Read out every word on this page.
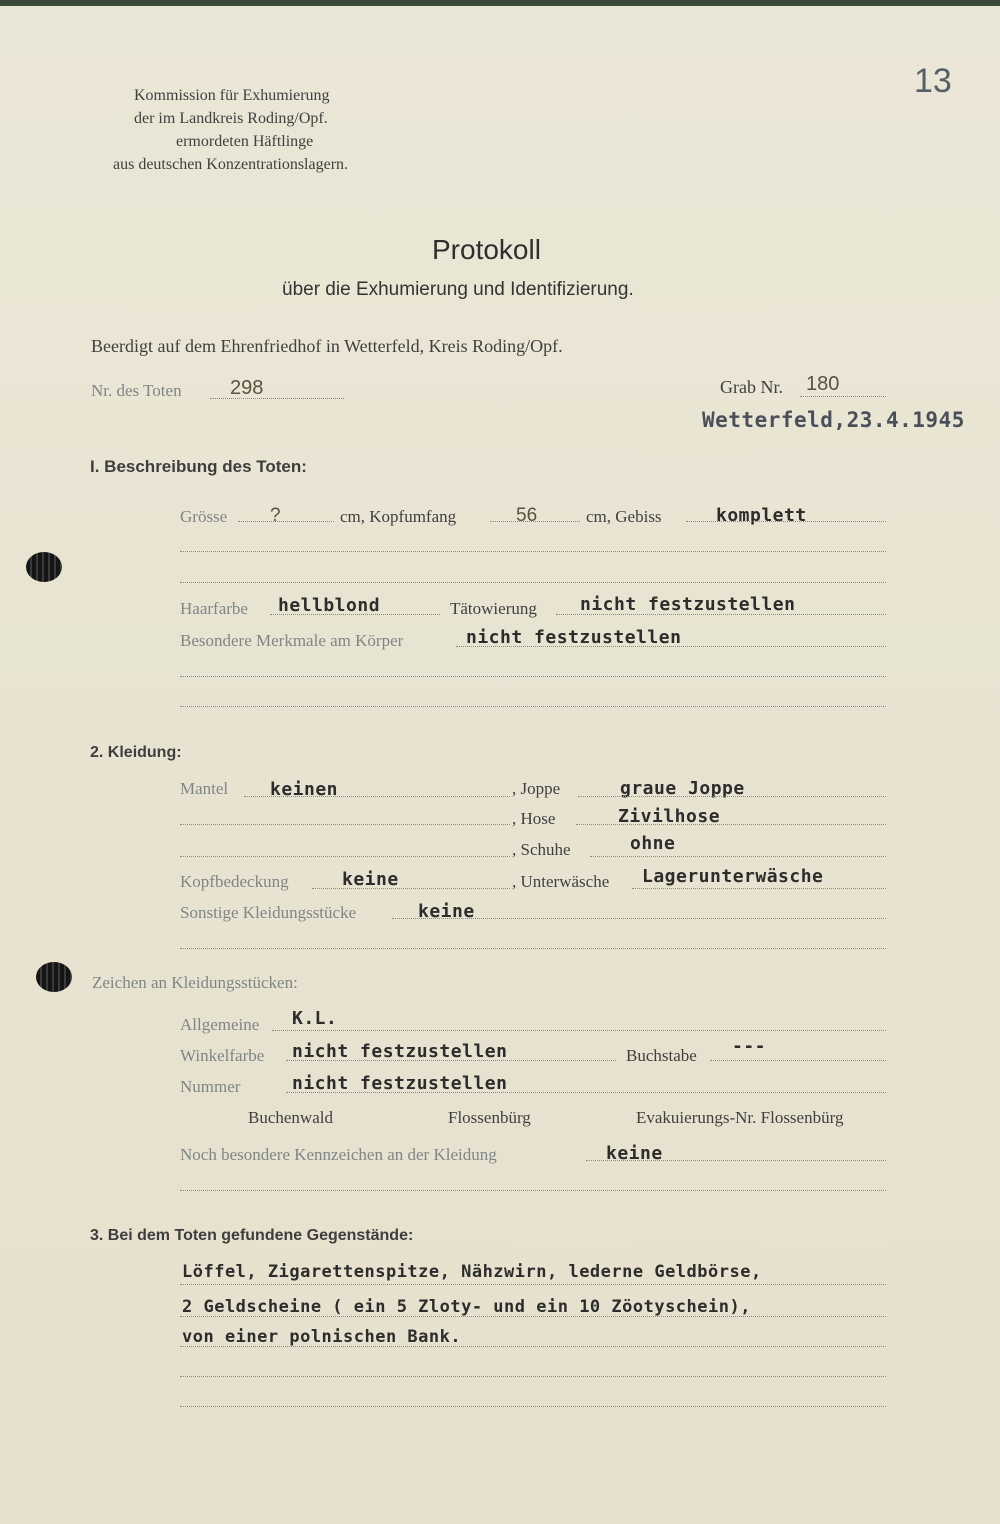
13
Kommission für Exhumierung
der im Landkreis Roding/Opf.
ermordeten Häftlinge
aus deutschen Konzentrationslagern.
Protokoll
über die Exhumierung und Identifizierung.
Beerdigt auf dem Ehrenfriedhof in Wetterfeld, Kreis Roding/Opf.
Nr. des Toten 298	Grab Nr. 180
Wetterfeld,23.4.1945
I. Beschreibung des Toten:
Grösse ?	cm, Kopfumfang	56	cm, Gebiss	komplett
Haarfarbe hellblond	Tätowierung nicht festzustellen
Besondere Merkmale am Körper	nicht festzustellen
2. Kleidung:
Mantel keinen	, Joppe	graue Joppe
, Hose	Zivilhose
, Schuhe	ohne
Kopfbedeckung	keine	, Unterwäsche Lagerunterwäsche
Sonstige Kleidungsstücke	keine
Zeichen an Kleidungsstücken:
Allgemeine K.L.
Winkelfarbe nicht festzustellen	Buchstabe ---
Nummer	nicht festzustellen
Buchenwald	Flossenbürg	Evakuierungs-Nr. Flossenbürg
Noch besondere Kennzeichen an der Kleidung	keine
3. Bei dem Toten gefundene Gegenstände:
Löffel, Zigarettenspitze, Nähzwirn, lederne Geldbörse,
2 Geldscheine ( ein 5 Zloty- und ein 10 Zöotyschein),
von einer polnischen Bank.
